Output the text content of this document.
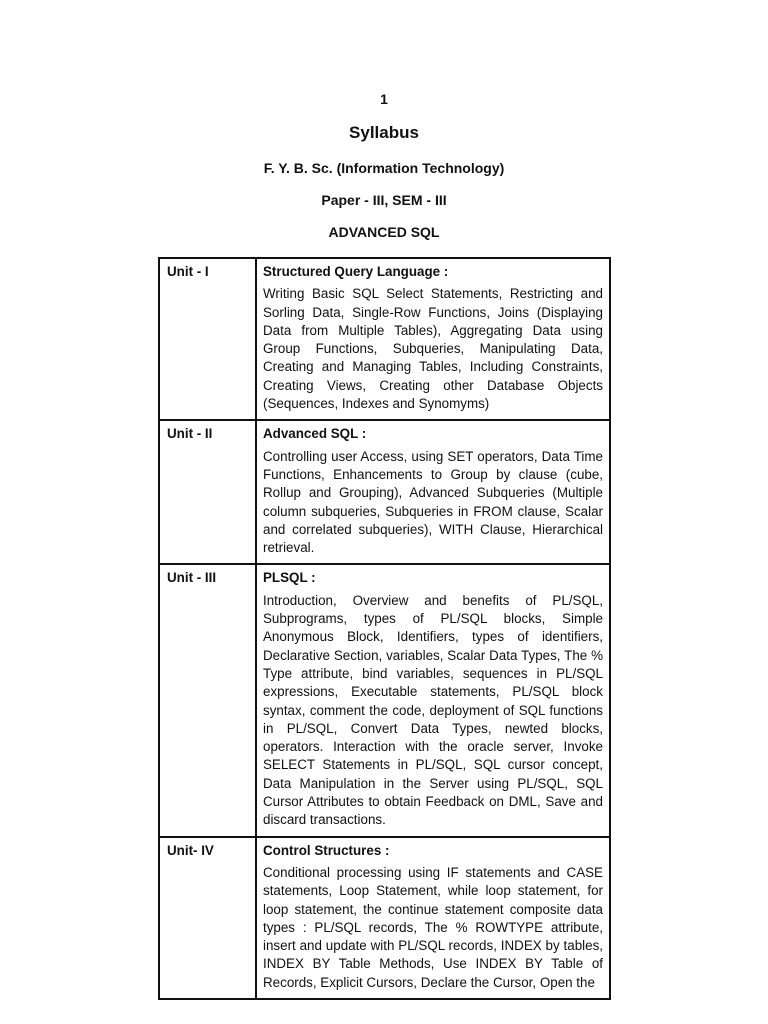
1
Syllabus
F. Y. B. Sc. (Information Technology)
Paper - III, SEM - III
ADVANCED SQL
Unit - I	Structured Query Language :
Writing Basic SQL Select Statements, Restricting and Sorling Data, Single-Row Functions, Joins (Displaying Data from Multiple Tables), Aggregating Data using Group Functions, Subqueries, Manipulating Data, Creating and Managing Tables, Including Constraints, Creating Views, Creating other Database Objects (Sequences, Indexes and Synomyms)

Unit - II	Advanced SQL :
Controlling user Access, using SET operators, Data Time Functions, Enhancements to Group by clause (cube, Rollup and Grouping), Advanced Subqueries (Multiple column subqueries, Subqueries in FROM clause, Scalar and correlated subqueries), WITH Clause, Hierarchical retrieval.

Unit - III	PLSQL :
Introduction, Overview and benefits of PL/SQL, Subprograms, types of PL/SQL blocks, Simple Anonymous Block, Identifiers, types of identifiers, Declarative Section, variables, Scalar Data Types, The % Type attribute, bind variables, sequences in PL/SQL expressions, Executable statements, PL/SQL block syntax, comment the code, deployment of SQL functions in PL/SQL, Convert Data Types, newted blocks, operators. Interaction with the oracle server, Invoke SELECT Statements in PL/SQL, SQL cursor concept, Data Manipulation in the Server using PL/SQL, SQL Cursor Attributes to obtain Feedback on DML, Save and discard transactions.

Unit- IV	Control Structures :
Conditional processing using IF statements and CASE statements, Loop Statement, while loop statement, for loop statement, the continue statement composite data types : PL/SQL records, The % ROWTYPE attribute, insert and update with PL/SQL records, INDEX by tables, INDEX BY Table Methods, Use INDEX BY Table of Records, Explicit Cursors, Declare the Cursor, Open the
